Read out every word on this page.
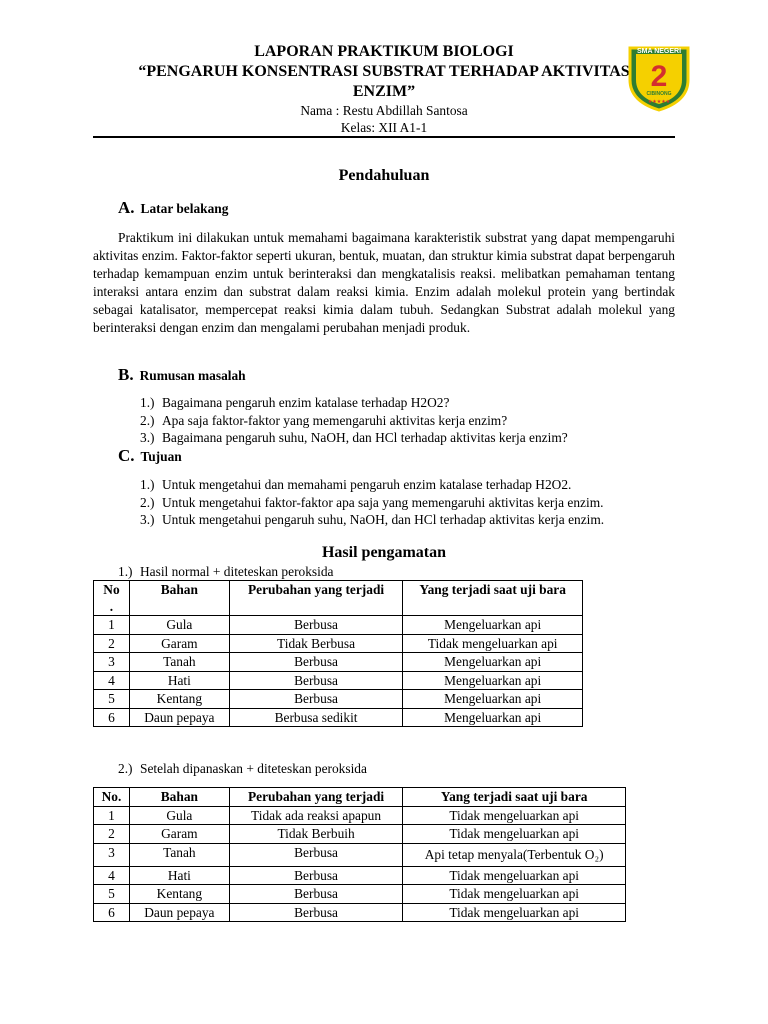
LAPORAN PRAKTIKUM BIOLOGI
“PENGARUH KONSENTRASI SUBSTRAT TERHADAP AKTIVITAS
ENZIM”
Nama : Restu Abdillah Santosa
Kelas: XII A1-1
SMA NEGERI
2
CIBINONG
★★★★★
Pendahuluan
A. Latar belakang
Praktikum ini dilakukan untuk memahami bagaimana karakteristik substrat yang dapat mempengaruhi aktivitas enzim. Faktor-faktor seperti ukuran, bentuk, muatan, dan struktur kimia substrat dapat berpengaruh terhadap kemampuan enzim untuk berinteraksi dan mengkatalisis reaksi. melibatkan pemahaman tentang interaksi antara enzim dan substrat dalam reaksi kimia. Enzim adalah molekul protein yang bertindak sebagai katalisator, mempercepat reaksi kimia dalam tubuh. Sedangkan Substrat adalah molekul yang berinteraksi dengan enzim dan mengalami perubahan menjadi produk.
B. Rumusan masalah
1.) Bagaimana pengaruh enzim katalase terhadap H2O2?
2.) Apa saja faktor-faktor yang memengaruhi aktivitas kerja enzim?
3.) Bagaimana pengaruh suhu, NaOH, dan HCl terhadap aktivitas kerja enzim?
C. Tujuan
1.) Untuk mengetahui dan memahami pengaruh enzim katalase terhadap H2O2.
2.) Untuk mengetahui faktor-faktor apa saja yang memengaruhi aktivitas kerja enzim.
3.) Untuk mengetahui pengaruh suhu, NaOH, dan HCl terhadap aktivitas kerja enzim.
Hasil pengamatan
1.) Hasil normal + diteteskan peroksida
No
.	Bahan	Perubahan yang terjadi	Yang terjadi saat uji bara
1	Gula	Berbusa	Mengeluarkan api
2	Garam	Tidak Berbusa	Tidak mengeluarkan api
3	Tanah	Berbusa	Mengeluarkan api
4	Hati	Berbusa	Mengeluarkan api
5	Kentang	Berbusa	Mengeluarkan api
6	Daun pepaya	Berbusa sedikit	Mengeluarkan api
2.) Setelah dipanaskan + diteteskan peroksida
No.	Bahan	Perubahan yang terjadi	Yang terjadi saat uji bara
1	Gula	Tidak ada reaksi apapun	Tidak mengeluarkan api
2	Garam	Tidak Berbuih	Tidak mengeluarkan api
3	Tanah	Berbusa	Api tetap menyala(Terbentuk O₂)
4	Hati	Berbusa	Tidak mengeluarkan api
5	Kentang	Berbusa	Tidak mengeluarkan api
6	Daun pepaya	Berbusa	Tidak mengeluarkan api
